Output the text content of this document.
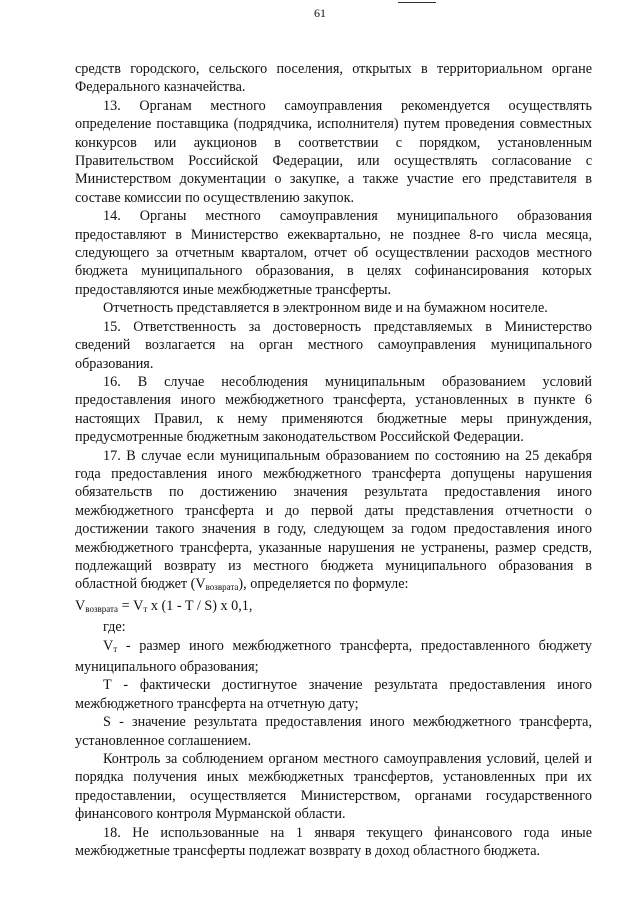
61

средств городского, сельского поселения, открытых в территориальном органе Федерального казначейства.

13. Органам местного самоуправления рекомендуется осуществлять определение поставщика (подрядчика, исполнителя) путем проведения совместных конкурсов или аукционов в соответствии с порядком, установленным Правительством Российской Федерации, или осуществлять согласование с Министерством документации о закупке, а также участие его представителя в составе комиссии по осуществлению закупок.

14. Органы местного самоуправления муниципального образования предоставляют в Министерство ежеквартально, не позднее 8-го числа месяца, следующего за отчетным кварталом, отчет об осуществлении расходов местного бюджета муниципального образования, в целях софинансирования которых предоставляются иные межбюджетные трансферты.

Отчетность представляется в электронном виде и на бумажном носителе.

15. Ответственность за достоверность представляемых в Министерство сведений возлагается на орган местного самоуправления муниципального образования.

16. В случае несоблюдения муниципальным образованием условий предоставления иного межбюджетного трансферта, установленных в пункте 6 настоящих Правил, к нему применяются бюджетные меры принуждения, предусмотренные бюджетным законодательством Российской Федерации.

17. В случае если муниципальным образованием по состоянию на 25 декабря года предоставления иного межбюджетного трансферта допущены нарушения обязательств по достижению значения результата предоставления иного межбюджетного трансферта и до первой даты представления отчетности о достижении такого значения в году, следующем за годом предоставления иного межбюджетного трансферта, указанные нарушения не устранены, размер средств, подлежащий возврату из местного бюджета муниципального образования в областной бюджет $(V_{возврата})$, определяется по формуле:

$V_{возврата} = V_т$ x (1 - T / S) x 0,1,

где:

$V_т$ - размер иного межбюджетного трансферта, предоставленного бюджету муниципального образования;

Т - фактически достигнутое значение результата предоставления иного межбюджетного трансферта на отчетную дату;

S - значение результата предоставления иного межбюджетного трансферта, установленное соглашением.

Контроль за соблюдением органом местного самоуправления условий, целей и порядка получения иных межбюджетных трансфертов, установленных при их предоставлении, осуществляется Министерством, органами государственного финансового контроля Мурманской области.

18. Не использованные на 1 января текущего финансового года иные межбюджетные трансферты подлежат возврату в доход областного бюджета.
